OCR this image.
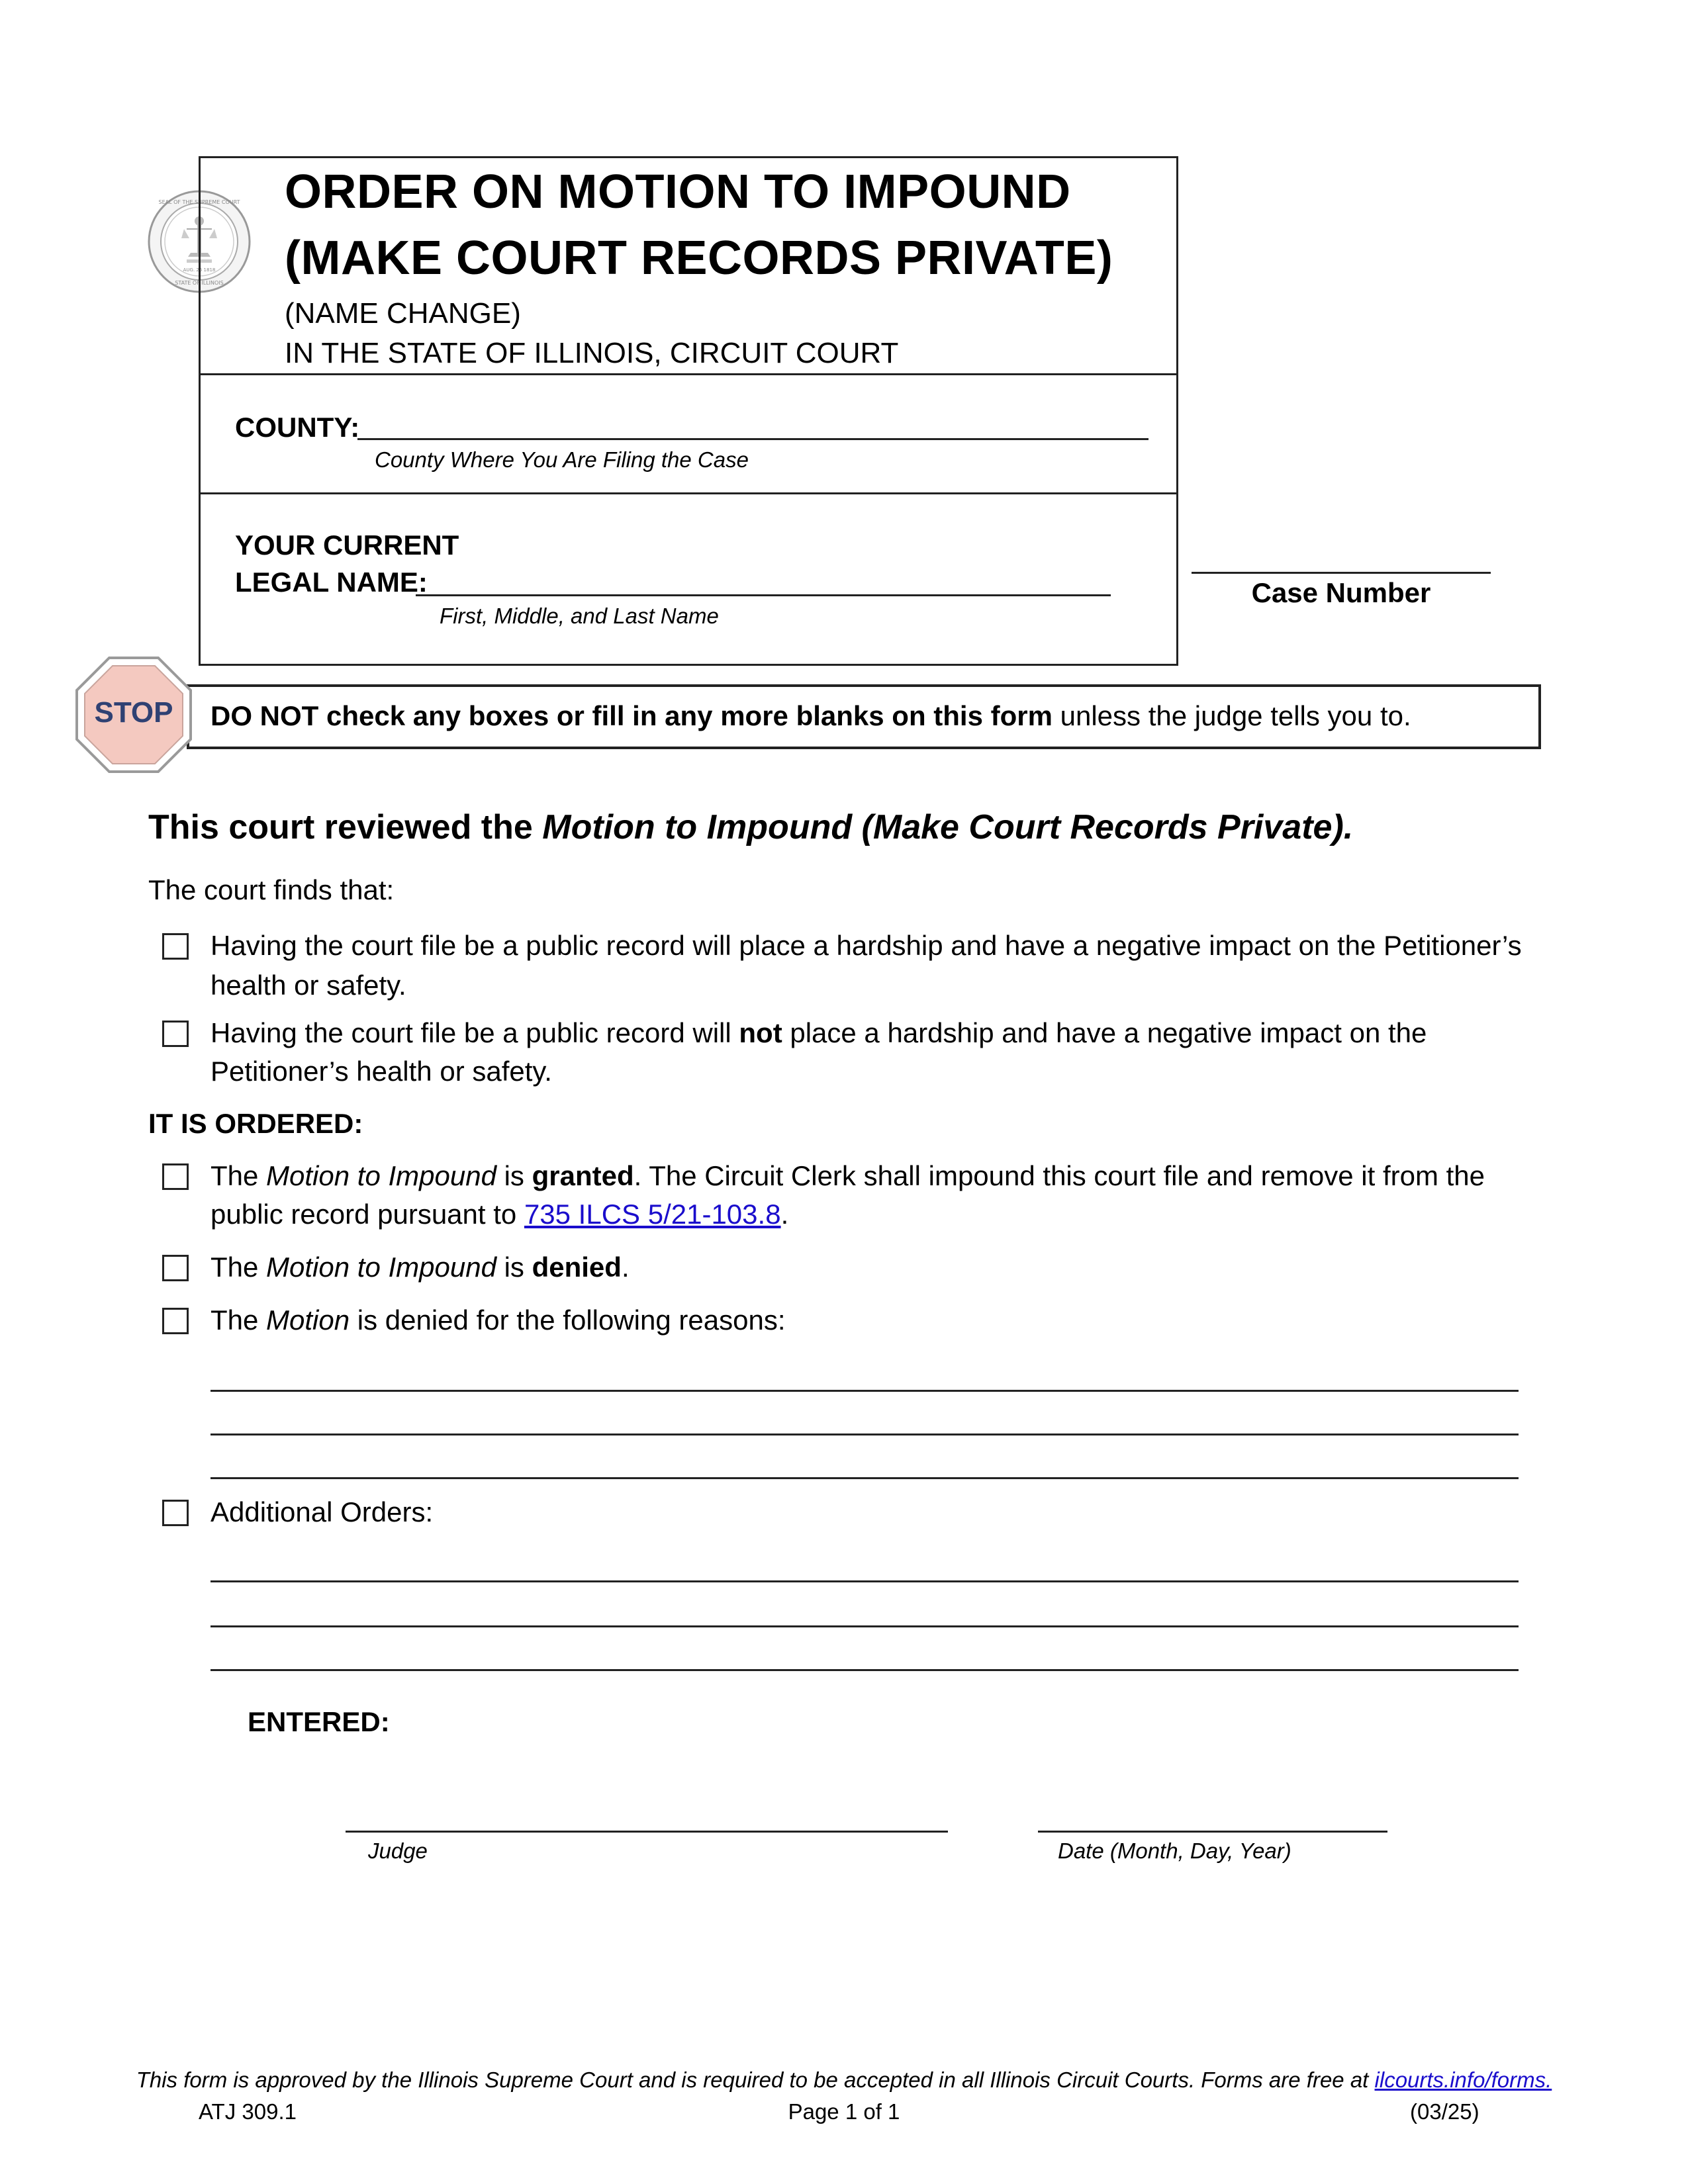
AUG. 26 1818
SEAL OF THE SUPREME COURT
STATE OF ILLINOIS
ORDER ON MOTION TO IMPOUND
(MAKE COURT RECORDS PRIVATE)
(NAME CHANGE)
IN THE STATE OF ILLINOIS, CIRCUIT COURT
COUNTY:
County Where You Are Filing the Case
YOUR CURRENT
LEGAL NAME:
First, Middle, and Last Name
Case Number
STOP	DO NOT check any boxes or fill in any more blanks on this form unless the judge tells you to.
This court reviewed the Motion to Impound (Make Court Records Private).
The court finds that:
Having the court file be a public record will place a hardship and have a negative impact on the Petitioner’s
health or safety.
Having the court file be a public record will not place a hardship and have a negative impact on the
Petitioner’s health or safety.
IT IS ORDERED:
The Motion to Impound is granted. The Circuit Clerk shall impound this court file and remove it from the
public record pursuant to 735 ILCS 5/21-103.8.
The Motion to Impound is denied.
The Motion is denied for the following reasons:
Additional Orders:
ENTERED:
Judge	Date (Month, Day, Year)
This form is approved by the Illinois Supreme Court and is required to be accepted in all Illinois Circuit Courts. Forms are free at ilcourts.info/forms.
ATJ 309.1	Page 1 of 1	(03/25)
